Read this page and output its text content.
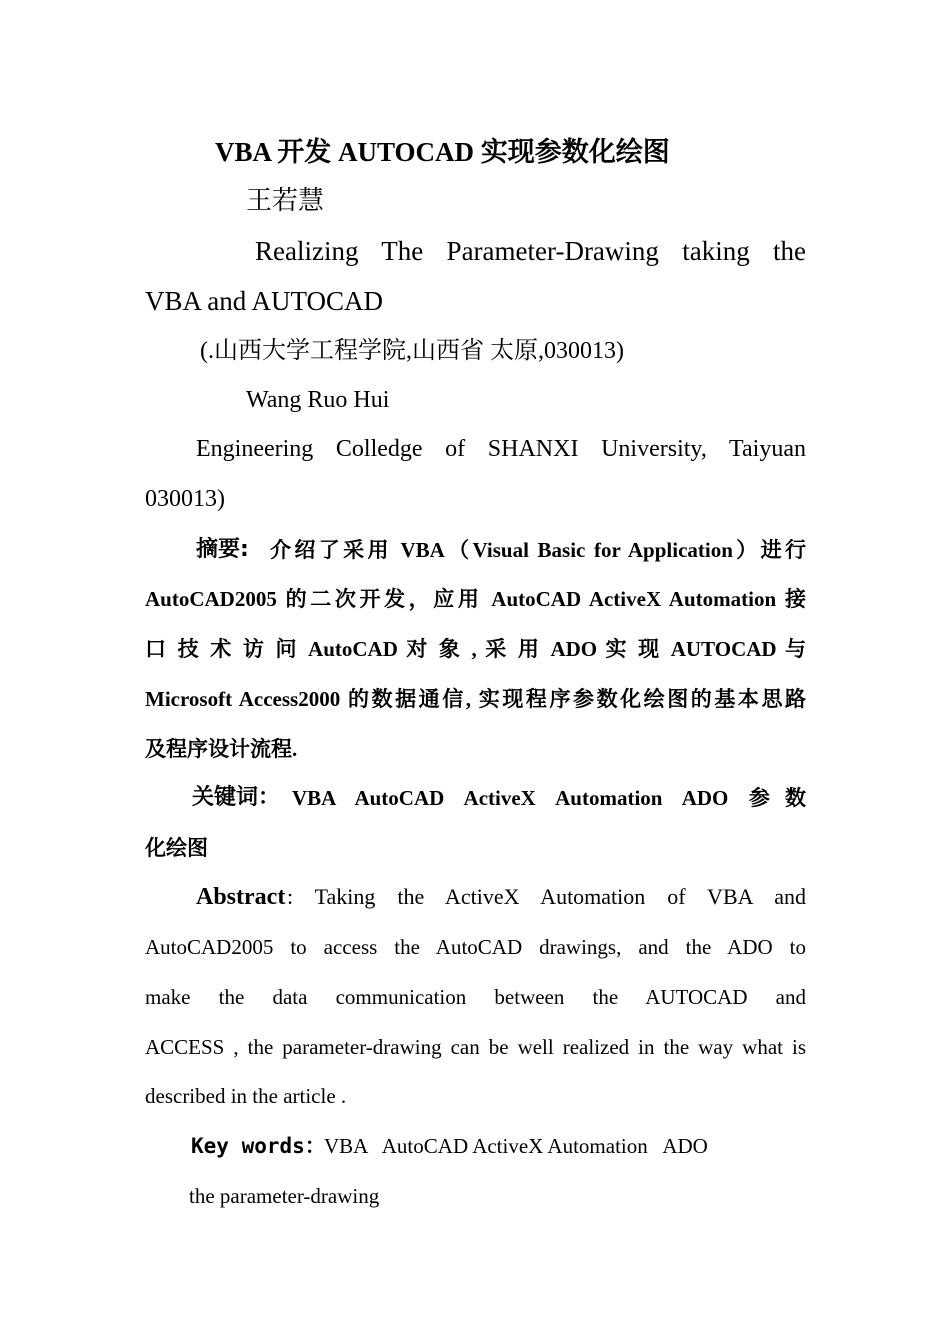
VBA 开发 AUTOCAD 实现参数化绘图
王若慧
Realizing The Parameter-Drawing taking the
VBA and AUTOCAD
(.山西大学工程学院,山西省 太原,030013)
Wang Ruo Hui
Engineering Colledge of SHANXI University, Taiyuan
030013)
摘要:	介绍了采用 VBA（Visual Basic for Application）进行
AutoCAD2005 的二次开发，应用 AutoCAD ActiveX Automation 接
口 技 术 访 问 AutoCAD 对 象 , 采 用 ADO 实 现 AUTOCAD 与
Microsoft Access2000 的数据通信, 实现程序参数化绘图的基本思路
及程序设计流程.
关键词： VBA AutoCAD ActiveX Automation ADO 参数
化绘图
Abstract : Taking the ActiveX Automation of VBA and
AutoCAD2005 to access the AutoCAD drawings, and the ADO to
make the data communication between the AUTOCAD and
ACCESS , the parameter-drawing can be well realized in the way what is
described in the article .
Key words：
VBA   AutoCAD ActiveX Automation   ADO
the parameter-drawing
